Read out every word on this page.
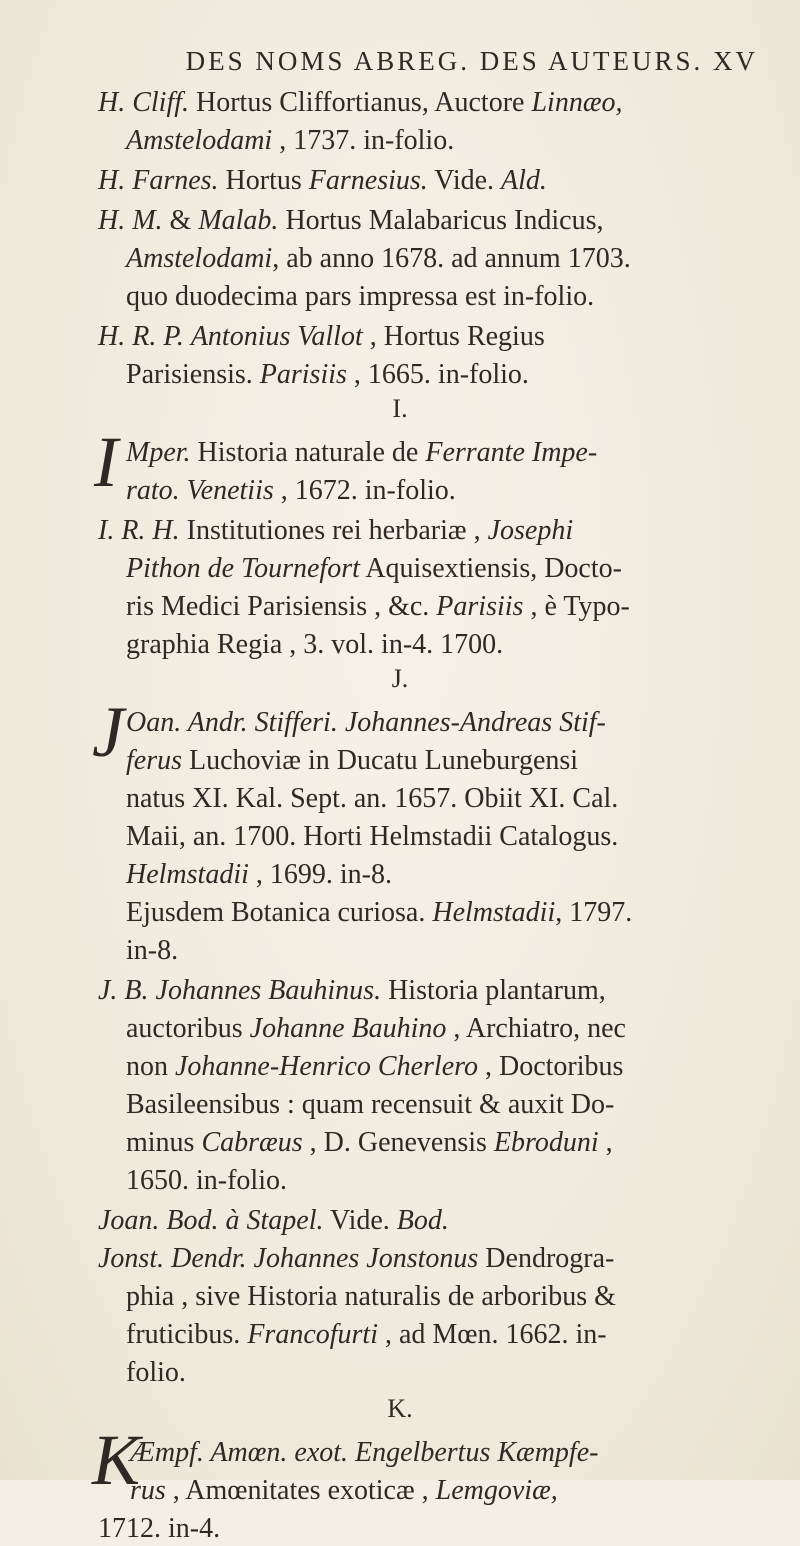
DES NOMS ABREG. DES AUTEURS. XV
I.
J.
K.
I
J
K
H. Cliff. Hortus Cliffortianus, Auctore Linnæo,
Amstelodami , 1737. in-folio.
H. Farnes. Hortus Farnesius. Vide. Ald.
H. M. & Malab. Hortus Malabaricus Indicus,
Amstelodami, ab anno 1678. ad annum 1703.
quo duodecima pars impressa est in-folio.
H. R. P. Antonius Vallot , Hortus Regius
Parisiensis. Parisiis , 1665. in-folio.
Mper. Historia naturale de Ferrante Impe-
rato. Venetiis , 1672. in-folio.
I. R. H. Institutiones rei herbariæ , Josephi
Pithon de Tournefort Aquisextiensis, Docto-
ris Medici Parisiensis , &c. Parisiis , è Typo-
graphia Regia , 3. vol. in-4. 1700.
Oan. Andr. Stifferi. Johannes-Andreas Stif-
ferus Luchoviæ in Ducatu Luneburgensi
natus XI. Kal. Sept. an. 1657. Obiit XI. Cal.
Maii, an. 1700. Horti Helmstadii Catalogus.
Helmstadii , 1699. in-8.
Ejusdem Botanica curiosa. Helmstadii, 1797.
in-8.
J. B. Johannes Bauhinus. Historia plantarum,
auctoribus Johanne Bauhino , Archiatro, nec
non Johanne-Henrico Cherlero , Doctoribus
Basileensibus : quam recensuit & auxit Do-
minus Cabræus , D. Genevensis Ebroduni ,
1650. in-folio.
Joan. Bod. à Stapel. Vide. Bod.
Jonst. Dendr. Johannes Jonstonus Dendrogra-
phia , sive Historia naturalis de arboribus &
fruticibus. Francofurti , ad Mœn. 1662. in-
folio.
Æmpf. Amœn. exot. Engelbertus Kæmpfe-
rus , Amœnitates exoticæ , Lemgoviæ,
1712. in-4.
